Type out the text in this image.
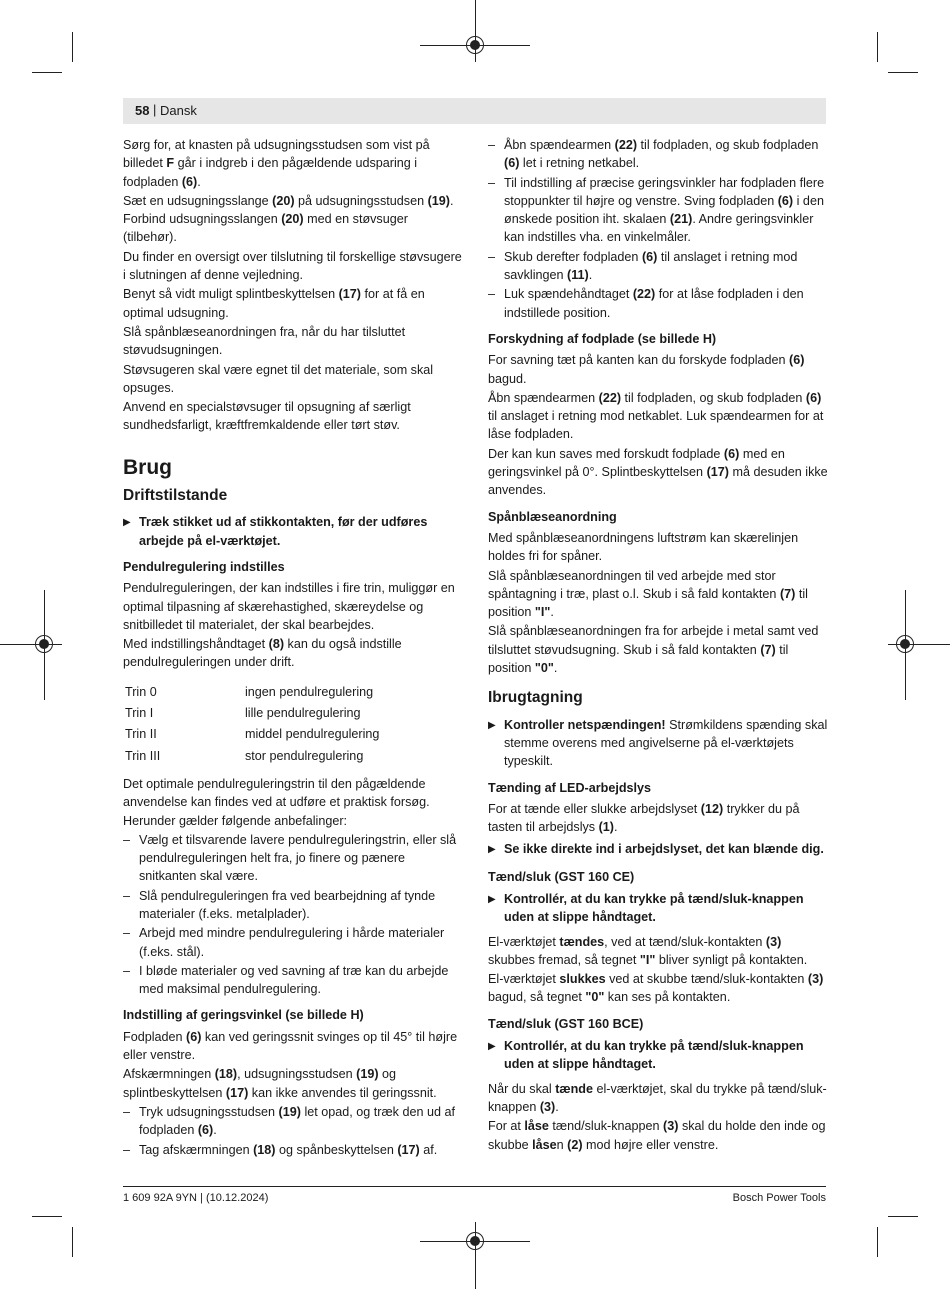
58 | Dansk

Sørg for, at knasten på udsugningsstudsen som vist på billedet F går i indgreb i den pågældende udsparing i fodpladen (6).

Sæt en udsugningsslange (20) på udsugningsstudsen (19). Forbind udsugningsslangen (20) med en støvsuger (tilbehør).

Du finder en oversigt over tilslutning til forskellige støvsugere i slutningen af denne vejledning.

Benyt så vidt muligt splintbeskyttelsen (17) for at få en optimal udsugning.

Slå spånblæseanordningen fra, når du har tilsluttet støvudsugningen.

Støvsugeren skal være egnet til det materiale, som skal opsuges.

Anvend en specialstøvsuger til opsugning af særligt sundhedsfarligt, kræftfremkaldende eller tørt støv.

Brug
Driftstilstande
▶ Træk stikket ud af stikkontakten, før der udføres arbejde på el-værktøjet.
Pendulregulering indstilles

Pendulreguleringen, der kan indstilles i fire trin, muliggør en optimal tilpasning af skærehastighed, skæreydelse og snitbilledet til materialet, der skal bearbejdes.

Med indstillingshåndtaget (8) kan du også indstille pendulreguleringen under drift.

Trin 0	ingen pendulregulering
Trin I	lille pendulregulering
Trin II	middel pendulregulering
Trin III	stor pendulregulering

Det optimale pendulreguleringstrin til den pågældende anvendelse kan findes ved at udføre et praktisk forsøg. Herunder gælder følgende anbefalinger:

– Vælg et tilsvarende lavere pendulreguleringstrin, eller slå pendulreguleringen helt fra, jo finere og pænere snitkanten skal være.
– Slå pendulreguleringen fra ved bearbejdning af tynde materialer (f.eks. metalplader).
– Arbejd med mindre pendulregulering i hårde materialer (f.eks. stål).
– I bløde materialer og ved savning af træ kan du arbejde med maksimal pendulregulering.
Indstilling af geringsvinkel (se billede H)

Fodpladen (6) kan ved geringssnit svinges op til 45° til højre eller venstre.

Afskærmningen (18), udsugningsstudsen (19) og splintbeskyttelsen (17) kan ikke anvendes til geringssnit.

– Tryk udsugningsstudsen (19) let opad, og træk den ud af fodpladen (6).
– Tag afskærmningen (18) og spånbeskyttelsen (17) af.
– Åbn spændearmen (22) til fodpladen, og skub fodpladen (6) let i retning netkabel.
– Til indstilling af præcise geringsvinkler har fodpladen flere stoppunkter til højre og venstre. Sving fodpladen (6) i den ønskede position iht. skalaen (21). Andre geringsvinkler kan indstilles vha. en vinkelmåler.
– Skub derefter fodpladen (6) til anslaget i retning mod savklingen (11).
– Luk spændehåndtaget (22) for at låse fodpladen i den indstillede position.
Forskydning af fodplade (se billede H)

For savning tæt på kanten kan du forskyde fodpladen (6) bagud.

Åbn spændearmen (22) til fodpladen, og skub fodpladen (6) til anslaget i retning mod netkablet. Luk spændearmen for at låse fodpladen.

Der kan kun saves med forskudt fodplade (6) med en geringsvinkel på 0°. Splintbeskyttelsen (17) må desuden ikke anvendes.

Spånblæseanordning

Med spånblæseanordningens luftstrøm kan skærelinjen holdes fri for spåner.

Slå spånblæseanordningen til ved arbejde med stor spåntagning i træ, plast o.l. Skub i så fald kontakten (7) til position "I".

Slå spånblæseanordningen fra for arbejde i metal samt ved tilsluttet støvudsugning. Skub i så fald kontakten (7) til position "0".

Ibrugtagning
▶ Kontroller netspændingen! Strømkildens spænding skal stemme overens med angivelserne på el-værktøjets typeskilt.
Tænding af LED-arbejdslys

For at tænde eller slukke arbejdslyset (12) trykker du på tasten til arbejdslys (1).

▶ Se ikke direkte ind i arbejdslyset, det kan blænde dig.
Tænd/sluk (GST 160 CE)
▶ Kontrollér, at du kan trykke på tænd/sluk-knappen uden at slippe håndtaget.

El-værktøjet tændes, ved at tænd/sluk-kontakten (3) skubbes fremad, så tegnet "I" bliver synligt på kontakten.

El-værktøjet slukkes ved at skubbe tænd/sluk-kontakten (3) bagud, så tegnet "0" kan ses på kontakten.

Tænd/sluk (GST 160 BCE)
▶ Kontrollér, at du kan trykke på tænd/sluk-knappen uden at slippe håndtaget.

Når du skal tænde el-værktøjet, skal du trykke på tænd/sluk-knappen (3).

For at låse tænd/sluk-knappen (3) skal du holde den inde og skubbe låsen (2) mod højre eller venstre.

1 609 92A 9YN | (10.12.2024)	Bosch Power Tools
